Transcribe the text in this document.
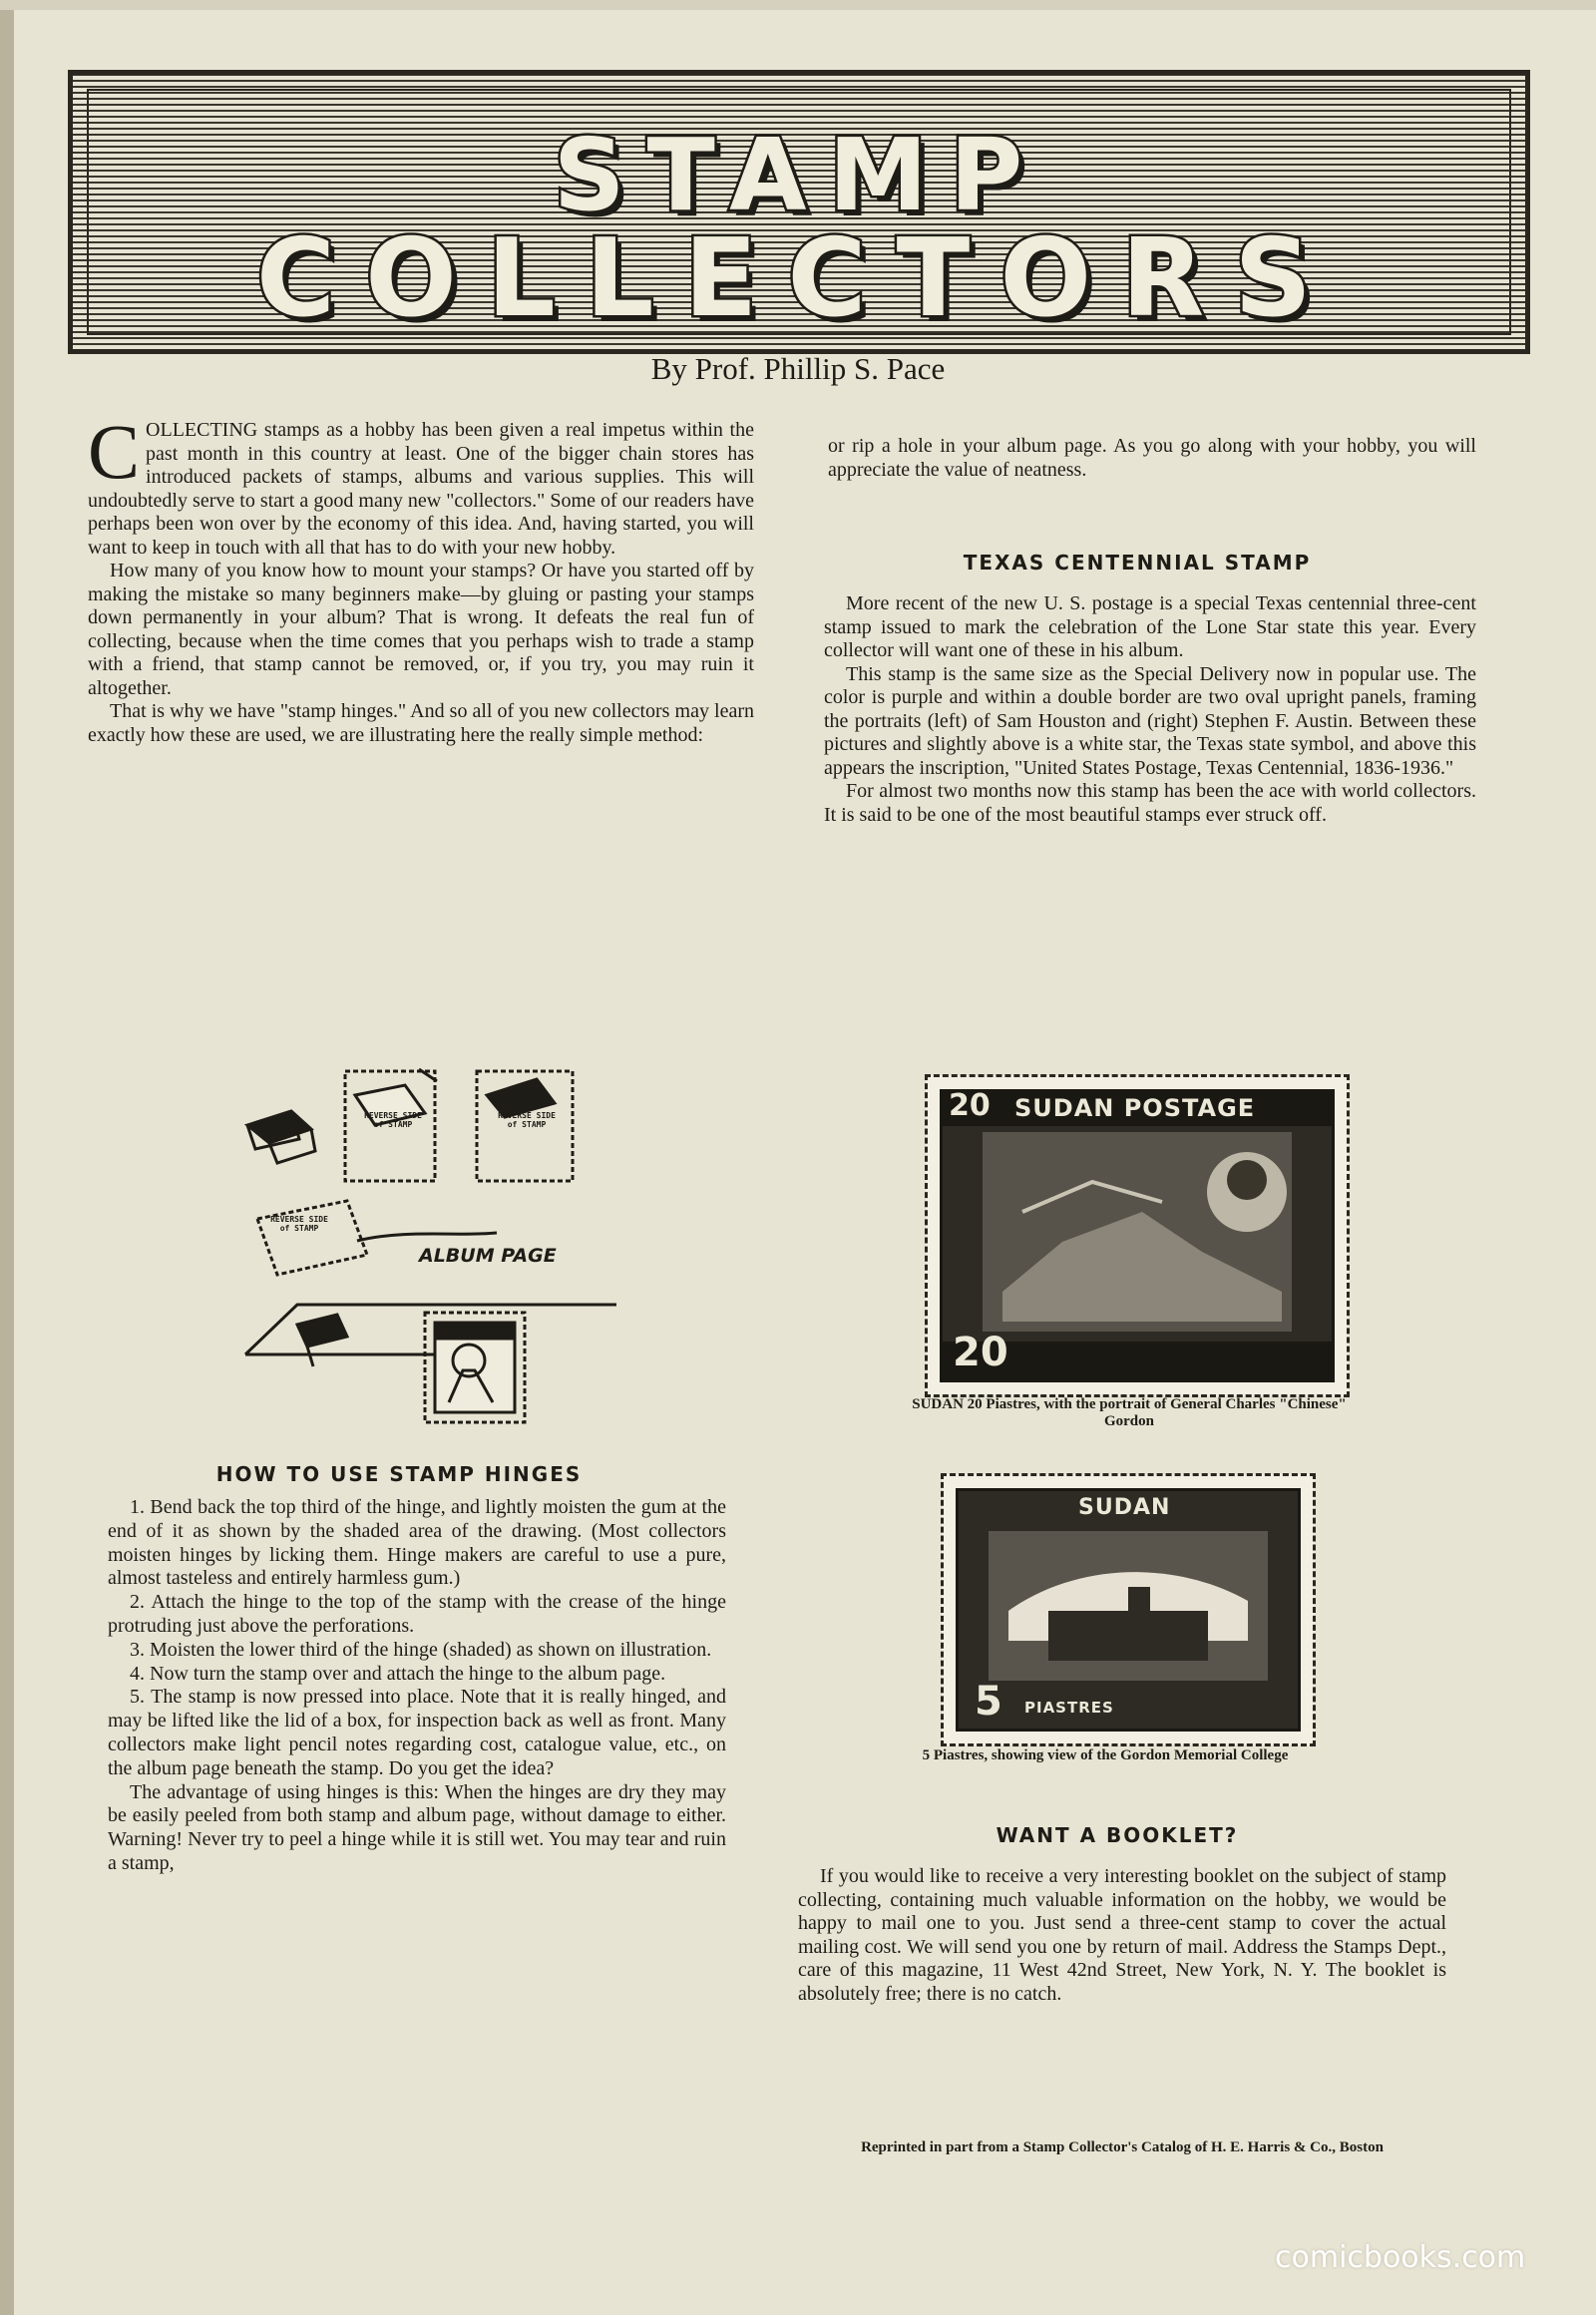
STAMP
COLLECTORS
By Prof. Phillip S. Pace

COLLECTING stamps as a hobby has been given a real impetus within the past month in this country at least. One of the bigger chain stores has introduced packets of stamps, albums and various supplies. This will undoubtedly serve to start a good many new "collectors." Some of our readers have perhaps been won over by the economy of this idea. And, having started, you will want to keep in touch with all that has to do with your new hobby.

How many of you know how to mount your stamps? Or have you started off by making the mistake so many beginners make—by gluing or pasting your stamps down permanently in your album? That is wrong. It defeats the real fun of collecting, because when the time comes that you perhaps wish to trade a stamp with a friend, that stamp cannot be removed, or, if you try, you may ruin it altogether.

That is why we have "stamp hinges." And so all of you new collectors may learn exactly how these are used, we are illustrating here the really simple method:

REVERSE SIDE of STAMP
REVERSE SIDE of STAMP
REVERSE SIDE of STAMP
ALBUM PAGE
HOW TO USE STAMP HINGES

1. Bend back the top third of the hinge, and lightly moisten the gum at the end of it as shown by the shaded area of the drawing. (Most collectors moisten hinges by licking them. Hinge makers are careful to use a pure, almost tasteless and entirely harmless gum.)

2. Attach the hinge to the top of the stamp with the crease of the hinge protruding just above the perforations.

3. Moisten the lower third of the hinge (shaded) as shown on illustration.

4. Now turn the stamp over and attach the hinge to the album page.

5. The stamp is now pressed into place. Note that it is really hinged, and may be lifted like the lid of a box, for inspection back as well as front. Many collectors make light pencil notes regarding cost, catalogue value, etc., on the album page beneath the stamp. Do you get the idea?

The advantage of using hinges is this: When the hinges are dry they may be easily peeled from both stamp and album page, without damage to either. Warning! Never try to peel a hinge while it is still wet. You may tear and ruin a stamp,

or rip a hole in your album page. As you go along with your hobby, you will appreciate the value of neatness.

TEXAS CENTENNIAL STAMP

More recent of the new U. S. postage is a special Texas centennial three-cent stamp issued to mark the celebration of the Lone Star state this year. Every collector will want one of these in his album.

This stamp is the same size as the Special Delivery now in popular use. The color is purple and within a double border are two oval upright panels, framing the portraits (left) of Sam Houston and (right) Stephen F. Austin. Between these pictures and slightly above is a white star, the Texas state symbol, and above this appears the inscription, "United States Postage, Texas Centennial, 1836-1936."

For almost two months now this stamp has been the ace with world collectors. It is said to be one of the most beautiful stamps ever struck off.

20 SUDAN POSTAGE
20
SUDAN 20 Piastres, with the portrait of General Charles "Chinese" Gordon
SUDAN
5 PIASTRES
5 Piastres, showing view of the Gordon Memorial College
WANT A BOOKLET?

If you would like to receive a very interesting booklet on the subject of stamp collecting, containing much valuable information on the hobby, we would be happy to mail one to you. Just send a three-cent stamp to cover the actual mailing cost. We will send you one by return of mail. Address the Stamps Dept., care of this magazine, 11 West 42nd Street, New York, N. Y. The booklet is absolutely free; there is no catch.

Reprinted in part from a Stamp Collector's Catalog of H. E. Harris & Co., Boston
comicbooks.com
